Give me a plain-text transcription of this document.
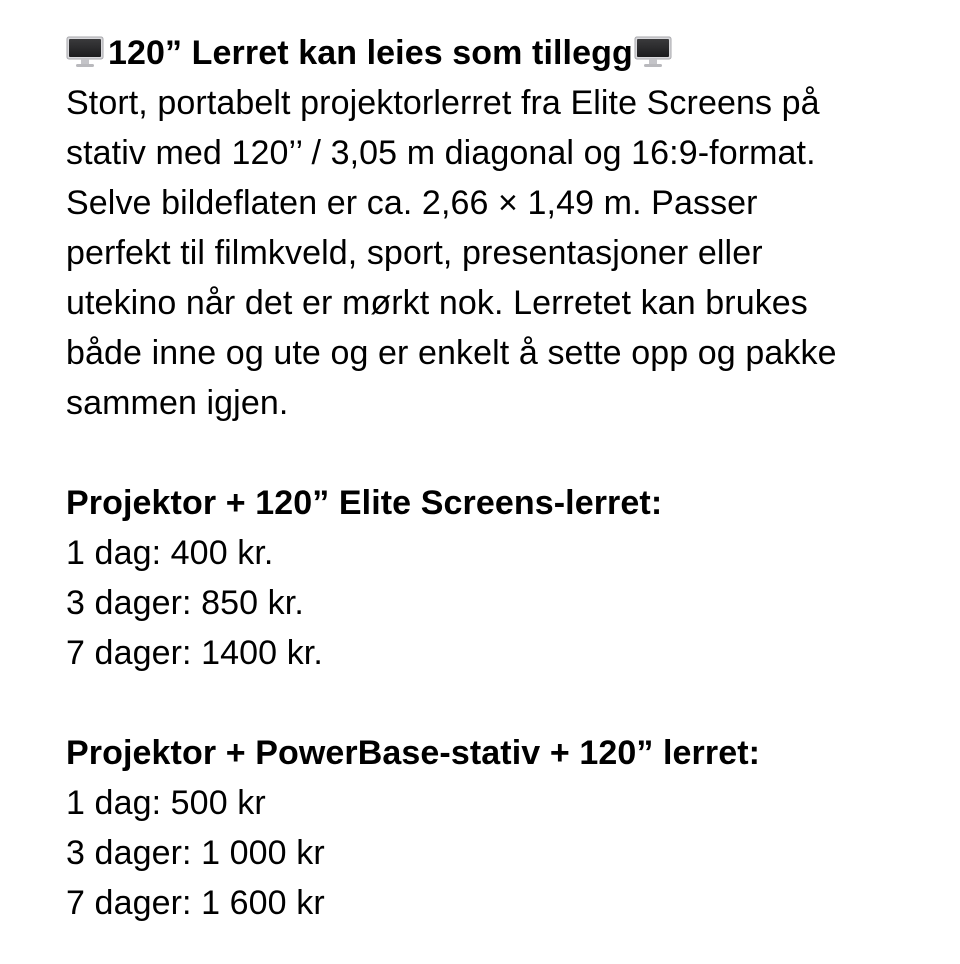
120” Lerret kan leies som tillegg
Stort, portabelt projektorlerret fra Elite Screens på
stativ med 120’’ / 3,05 m diagonal og 16:9-format.
Selve bildeflaten er ca. 2,66 × 1,49 m. Passer
perfekt til filmkveld, sport, presentasjoner eller
utekino når det er mørkt nok. Lerretet kan brukes
både inne og ute og er enkelt å sette opp og pakke
sammen igjen.
Projektor + 120” Elite Screens-lerret:
1 dag: 400 kr.
3 dager: 850 kr.
7 dager: 1400 kr.
Projektor + PowerBase-stativ + 120” lerret:
1 dag: 500 kr
3 dager: 1 000 kr
7 dager: 1 600 kr
